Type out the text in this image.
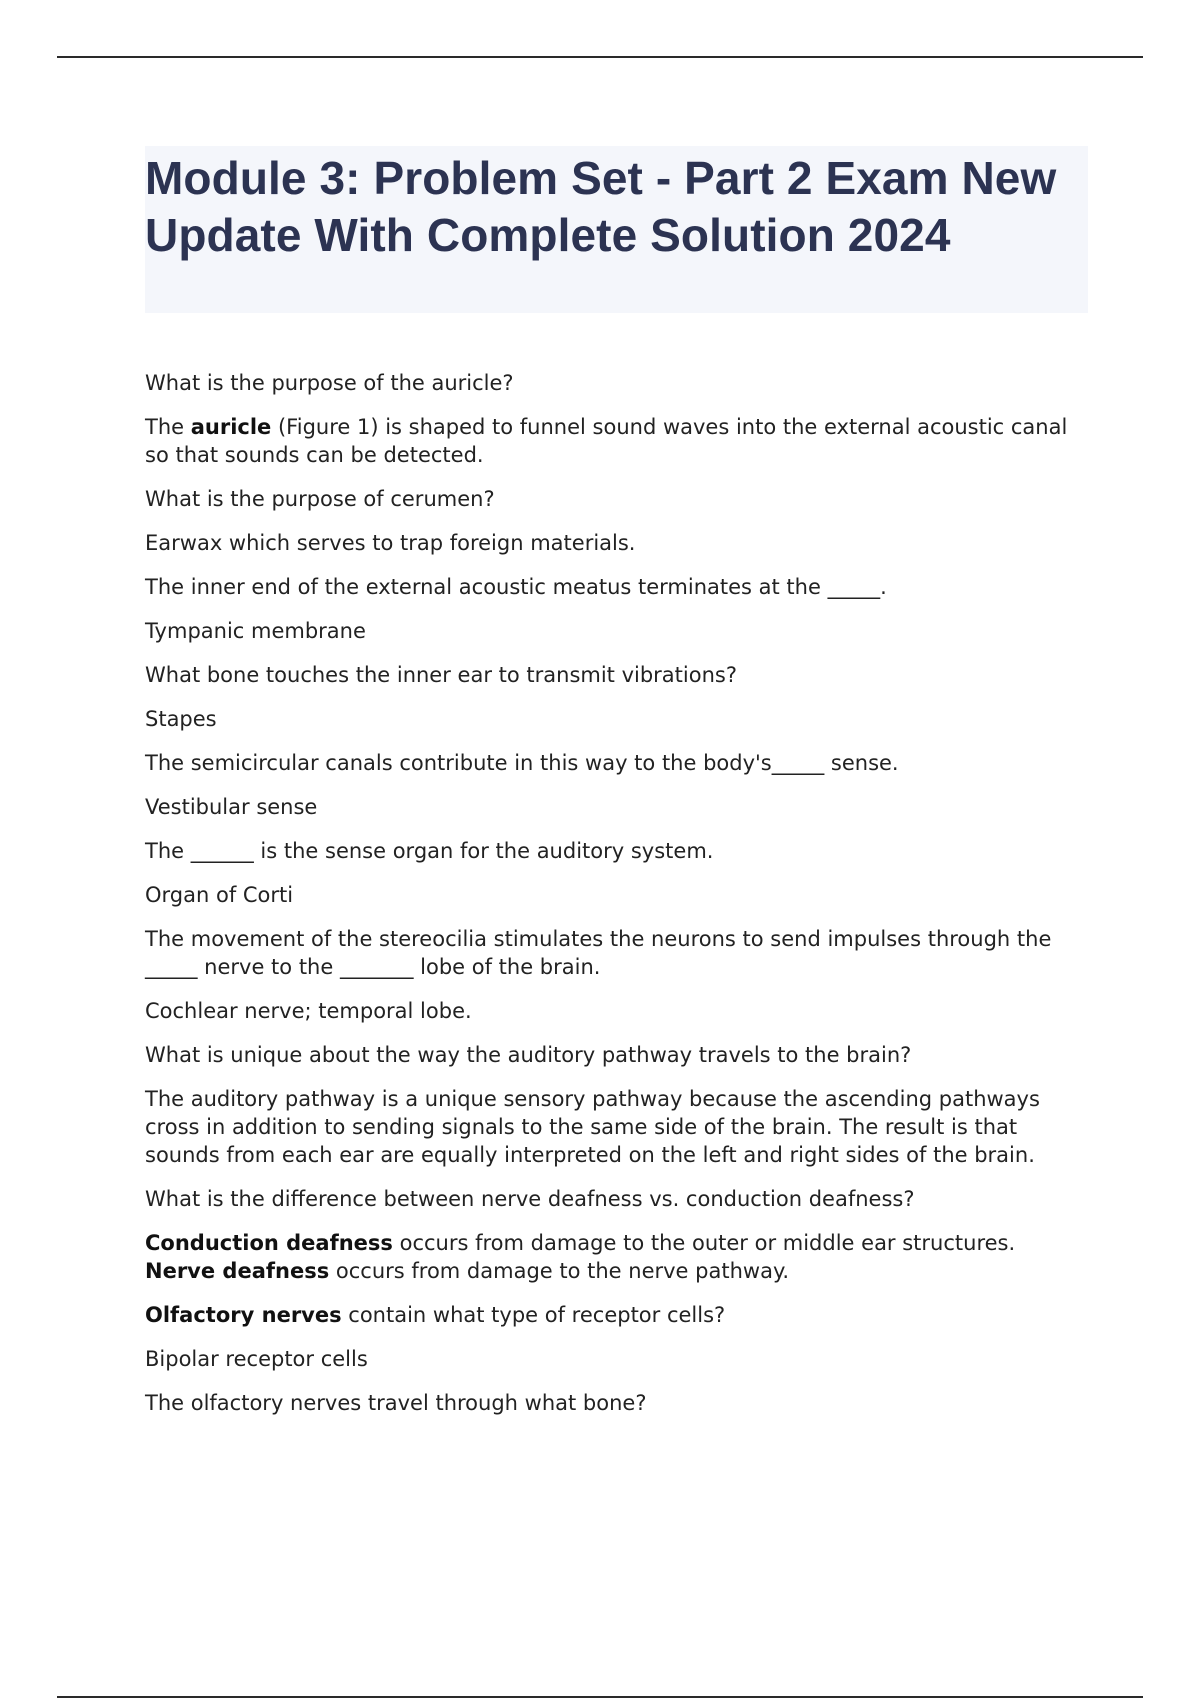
Module 3: Problem Set - Part 2 Exam New Update With Complete Solution 2024

What is the purpose of the auricle?

The auricle (Figure 1) is shaped to funnel sound waves into the external acoustic canal so that sounds can be detected.

What is the purpose of cerumen?

Earwax which serves to trap foreign materials.

The inner end of the external acoustic meatus terminates at the _____.

Tympanic membrane

What bone touches the inner ear to transmit vibrations?

Stapes

The semicircular canals contribute in this way to the body's_____ sense.

Vestibular sense

The ______ is the sense organ for the auditory system.

Organ of Corti

The movement of the stereocilia stimulates the neurons to send impulses through the _____ nerve to the _______ lobe of the brain.

Cochlear nerve; temporal lobe.

What is unique about the way the auditory pathway travels to the brain?

The auditory pathway is a unique sensory pathway because the ascending pathways cross in addition to sending signals to the same side of the brain. The result is that sounds from each ear are equally interpreted on the left and right sides of the brain.

What is the difference between nerve deafness vs. conduction deafness?

Conduction deafness occurs from damage to the outer or middle ear structures. Nerve deafness occurs from damage to the nerve pathway.

Olfactory nerves contain what type of receptor cells?

Bipolar receptor cells

The olfactory nerves travel through what bone?
